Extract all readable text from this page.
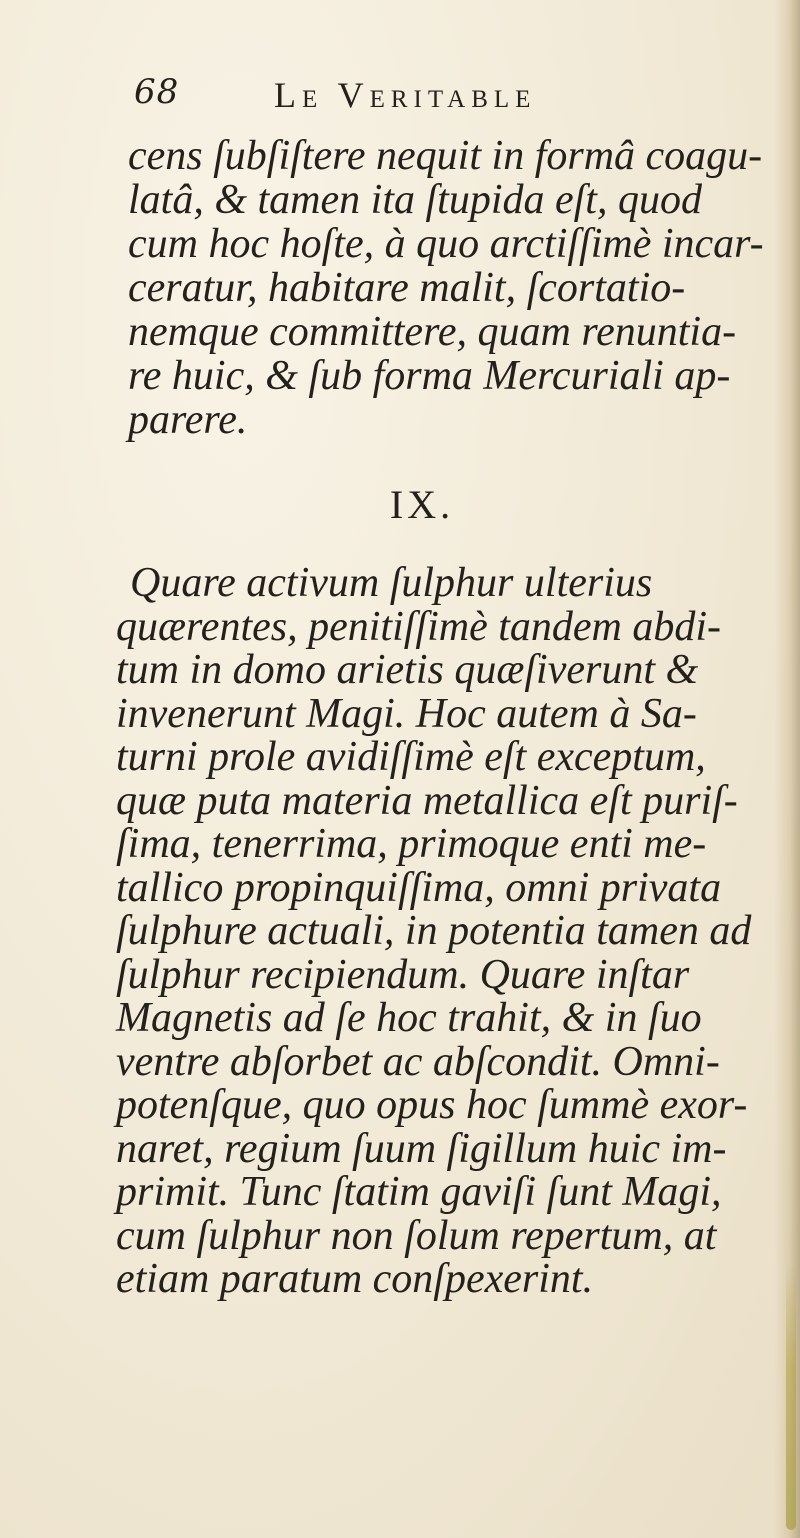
68	Le Veritable
cens ſubſiſtere nequit in formâ coagu-
latâ, & tamen ita ſtupida eſt, quod
cum hoc hoſte, à quo arctiſſimè incar-
ceratur, habitare malit, ſcortatio-
nemque committere, quam renuntia-
re huic, & ſub forma Mercuriali ap-
parere.
IX.
Quare activum ſulphur ulterius
quærentes, penitiſſimè tandem abdi-
tum in domo arietis quæſiverunt &
invenerunt Magi. Hoc autem à Sa-
turni prole avidiſſimè eſt exceptum,
quæ puta materia metallica eſt puriſ-
ſima, tenerrima, primoque enti me-
tallico propinquiſſima, omni privata
ſulphure actuali, in potentia tamen ad
ſulphur recipiendum. Quare inſtar
Magnetis ad ſe hoc trahit, & in ſuo
ventre abſorbet ac abſcondit. Omni-
potenſque, quo opus hoc ſummè exor-
naret, regium ſuum ſigillum huic im-
primit. Tunc ſtatim gaviſi ſunt Magi,
cum ſulphur non ſolum repertum, at
etiam paratum conſpexerint.
